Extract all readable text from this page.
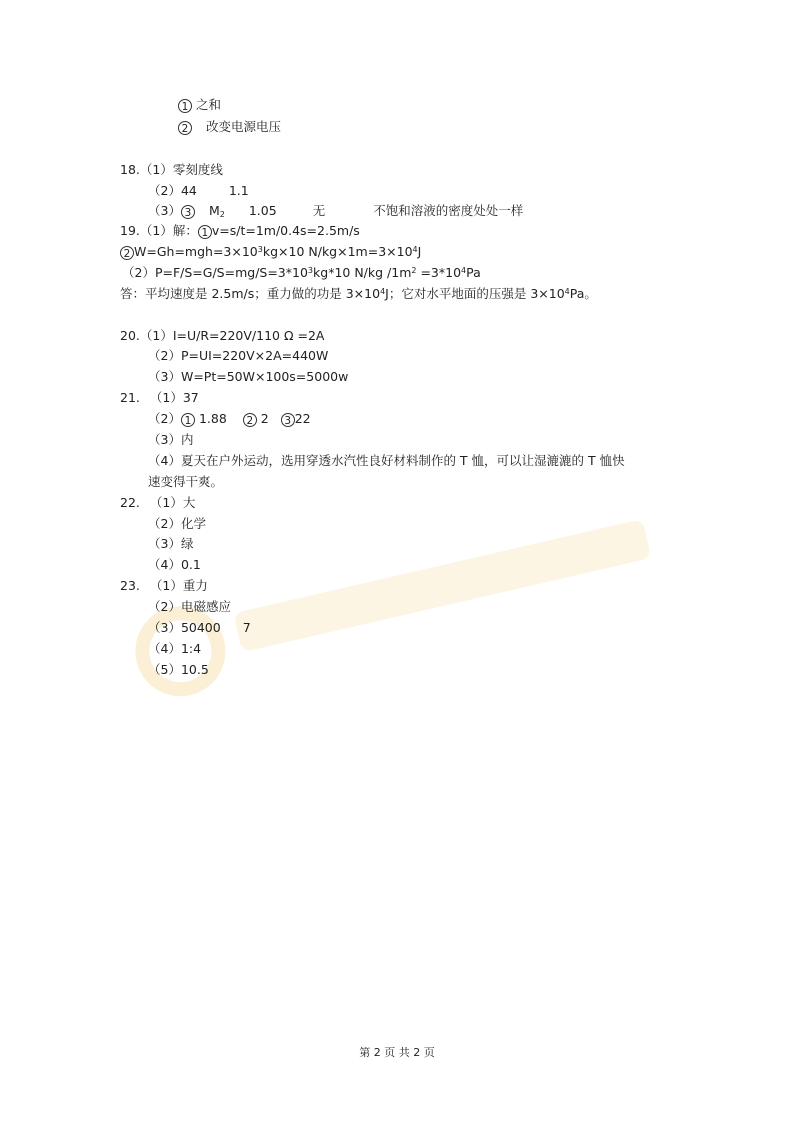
1 之和
2 改变电源电压
18.（1）零刻度线
（2）44	1.1
（3） 3 $M_2$ 1.05	无	不饱和溶液的密度处处一样
19.（1）解： 1 v=s/t=1m/0.4s=2.5m/s
2 $W=Gh=mgh=3\times 10^3kg\times 10$ $N/kg\times 1m=3\times 10^4J$
$(2)P=F/S=G/S=mg/S=3*10^3kg*10$ N/kg $/1m^2 =3*10^4Pa$
答：平均速度是 2.5m/s；重力做的功是 $3\times 10^4J$；它对水平地面的压强是 $3\times 10^4Pa$。
20.（1）I=U/R=220V/110 Ω =2A
（2）P=UI=220V×2A=440W
（3）W=Pt=50W×100s=5000w
21. （1）37
（2） 1 1.88 2 2 3 22
（3）内
（4）夏天在户外运动，选用穿透水汽性良好材料制作的 T 恤，可以让湿漉漉的 T 恤快
速变得干爽。
22. （1）大
（2）化学
（3）绿
（4）0.1
23. （1）重力
（2）电磁感应
（3）50400 7
（4）1:4
（5）10.5
第 2 页 共 2 页
